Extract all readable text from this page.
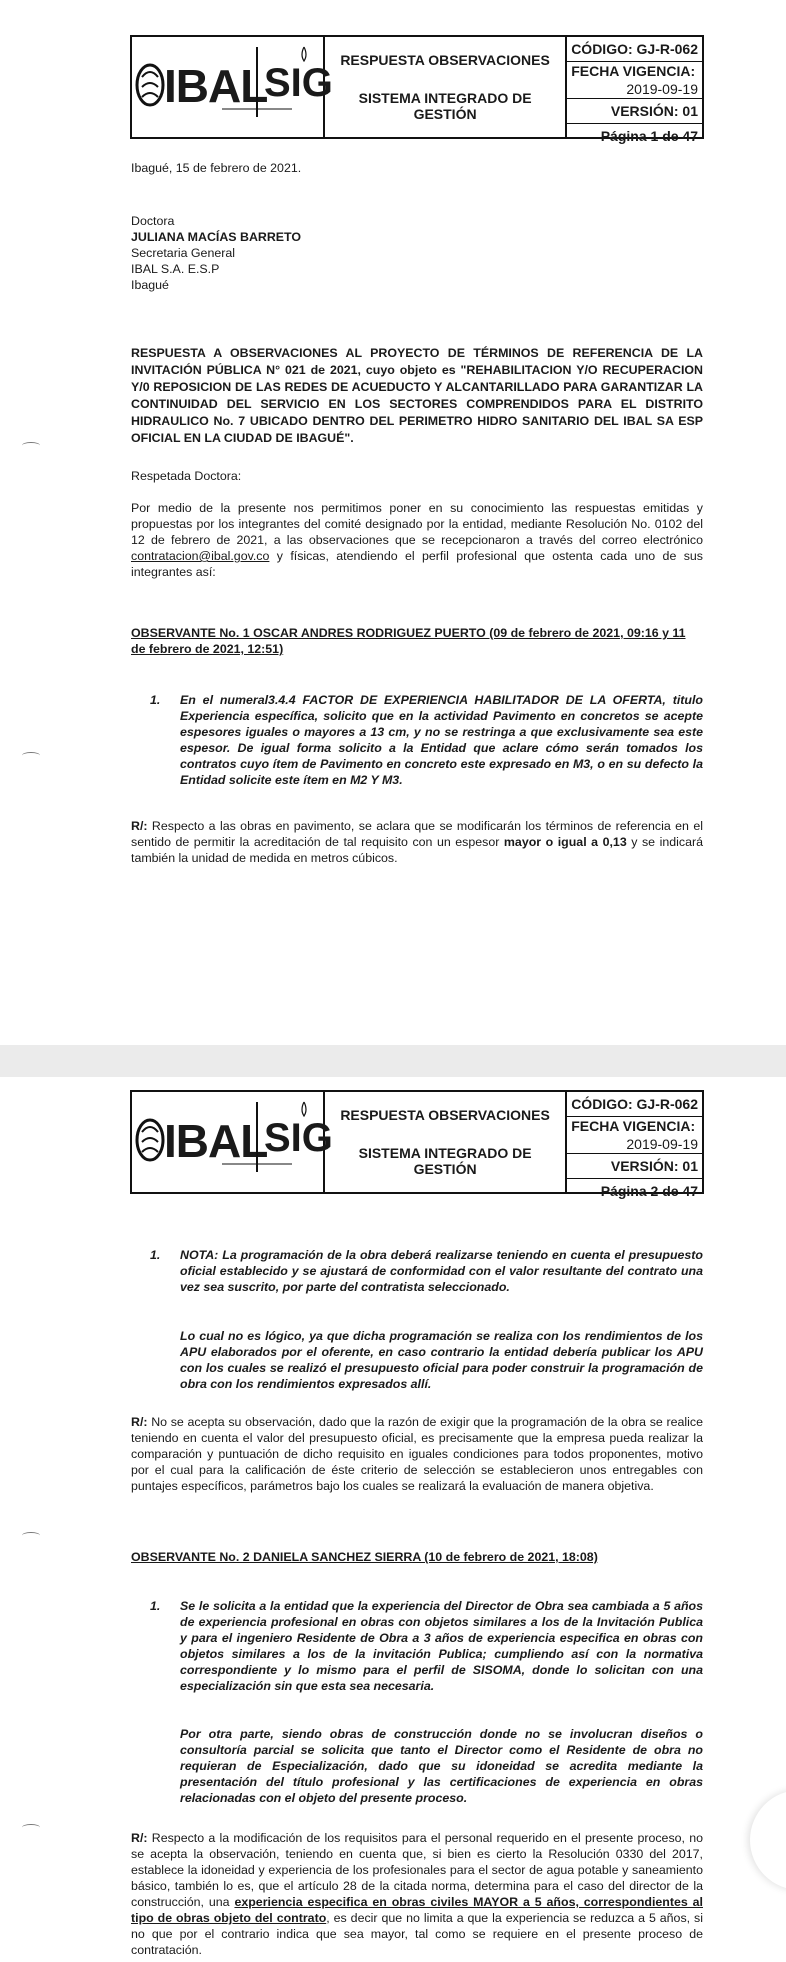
IBAL
SIG
RESPUESTA OBSERVACIONES
SISTEMA INTEGRADO DE GESTIÓN
CÓDIGO: GJ-R-062
FECHA VIGENCIA:
2019-09-19
VERSIÓN: 01
Página 1 de 47
Ibagué, 15 de febrero de 2021.
Doctora
JULIANA MACÍAS BARRETO
Secretaria General
IBAL S.A. E.S.P
Ibagué
RESPUESTA A OBSERVACIONES AL PROYECTO DE TÉRMINOS DE REFERENCIA DE LA INVITACIÓN PÚBLICA N° 021 de 2021, cuyo objeto es "REHABILITACION Y/O RECUPERACION Y/0 REPOSICION DE LAS REDES DE ACUEDUCTO Y ALCANTARILLADO PARA GARANTIZAR LA CONTINUIDAD DEL SERVICIO EN LOS SECTORES COMPRENDIDOS PARA EL DISTRITO HIDRAULICO No. 7 UBICADO DENTRO DEL PERIMETRO HIDRO SANITARIO DEL IBAL SA ESP OFICIAL EN LA CIUDAD DE IBAGUÉ".
Respetada Doctora:
Por medio de la presente nos permitimos poner en su conocimiento las respuestas emitidas y propuestas por los integrantes del comité designado por la entidad, mediante Resolución No. 0102 del 12 de febrero de 2021, a las observaciones que se recepcionaron a través del correo electrónico contratacion@ibal.gov.co y físicas, atendiendo el perfil profesional que ostenta cada uno de sus integrantes así:
OBSERVANTE No. 1 OSCAR ANDRES RODRIGUEZ PUERTO (09 de febrero de 2021, 09:16 y 11 de febrero de 2021, 12:51)
1. En el numeral3.4.4 FACTOR DE EXPERIENCIA HABILITADOR DE LA OFERTA, titulo Experiencia específica, solicito que en la actividad Pavimento en concretos se acepte espesores iguales o mayores a 13 cm, y no se restringa a que exclusivamente sea este espesor. De igual forma solicito a la Entidad que aclare cómo serán tomados los contratos cuyo ítem de Pavimento en concreto este expresado en M3, o en su defecto la Entidad solicite este ítem en M2 Y M3.
R/: Respecto a las obras en pavimento, se aclara que se modificarán los términos de referencia en el sentido de permitir la acreditación de tal requisito con un espesor mayor o igual a 0,13 y se indicará también la unidad de medida en metros cúbicos.
IBAL
SIG
RESPUESTA OBSERVACIONES
SISTEMA INTEGRADO DE GESTIÓN
CÓDIGO: GJ-R-062
FECHA VIGENCIA:
2019-09-19
VERSIÓN: 01
Página 2 de 47
1. NOTA: La programación de la obra deberá realizarse teniendo en cuenta el presupuesto oficial establecido y se ajustará de conformidad con el valor resultante del contrato una vez sea suscrito, por parte del contratista seleccionado.
Lo cual no es lógico, ya que dicha programación se realiza con los rendimientos de los APU elaborados por el oferente, en caso contrario la entidad debería publicar los APU con los cuales se realizó el presupuesto oficial para poder construir la programación de obra con los rendimientos expresados allí.
R/: No se acepta su observación, dado que la razón de exigir que la programación de la obra se realice teniendo en cuenta el valor del presupuesto oficial, es precisamente que la empresa pueda realizar la comparación y puntuación de dicho requisito en iguales condiciones para todos proponentes, motivo por el cual para la calificación de éste criterio de selección se establecieron unos entregables con puntajes específicos, parámetros bajo los cuales se realizará la evaluación de manera objetiva.
OBSERVANTE No. 2 DANIELA SANCHEZ SIERRA (10 de febrero de 2021, 18:08)
1. Se le solicita a la entidad que la experiencia del Director de Obra sea cambiada a 5 años de experiencia profesional en obras con objetos similares a los de la Invitación Publica y para el ingeniero Residente de Obra a 3 años de experiencia especifica en obras con objetos similares a los de la invitación Publica; cumpliendo así con la normativa correspondiente y lo mismo para el perfil de SISOMA, donde lo solicitan con una especialización sin que esta sea necesaria.
Por otra parte, siendo obras de construcción donde no se involucran diseños o consultoría parcial se solicita que tanto el Director como el Residente de obra no requieran de Especialización, dado que su idoneidad se acredita mediante la presentación del título profesional y las certificaciones de experiencia en obras relacionadas con el objeto del presente proceso.
R/: Respecto a la modificación de los requisitos para el personal requerido en el presente proceso, no se acepta la observación, teniendo en cuenta que, si bien es cierto la Resolución 0330 del 2017, establece la idoneidad y experiencia de los profesionales para el sector de agua potable y saneamiento básico, también lo es, que el artículo 28 de la citada norma, determina para el caso del director de la construcción, una experiencia especifica en obras civiles MAYOR a 5 años, correspondientes al tipo de obras objeto del contrato, es decir que no limita a que la experiencia se reduzca a 5 años, si no que por el contrario indica que sea mayor, tal como se requiere en el presente proceso de contratación.
